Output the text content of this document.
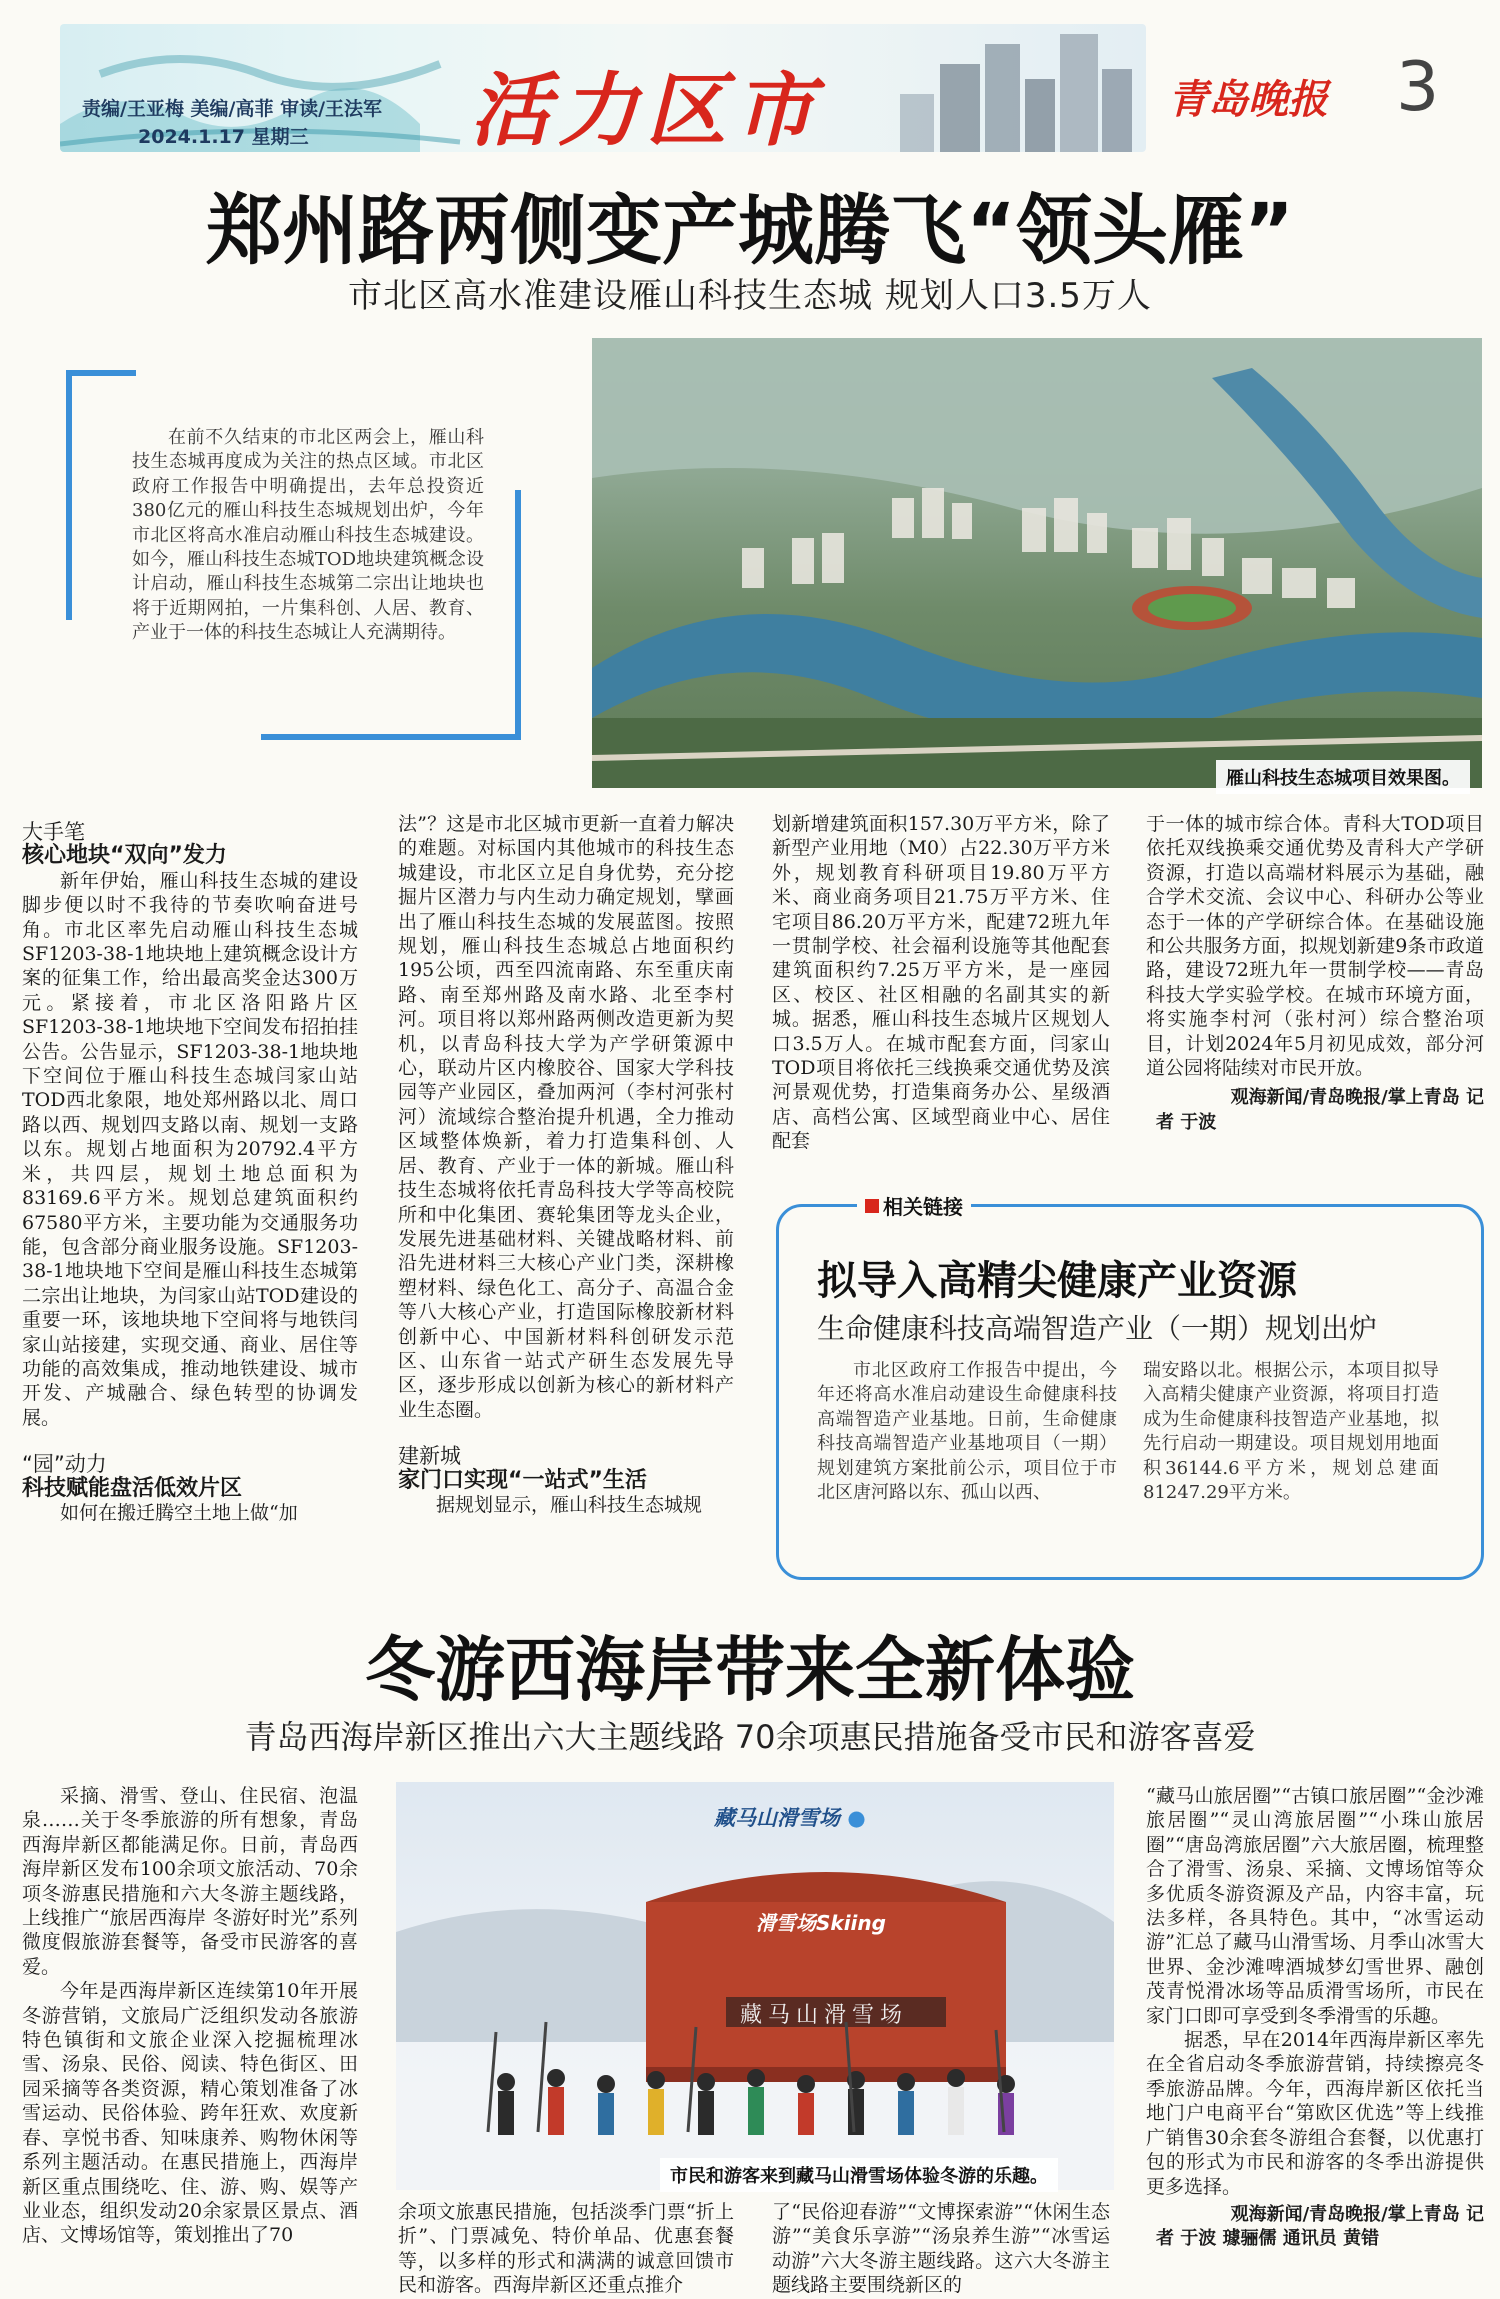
责编/王亚梅 美编/高菲 审读/王法军
2024.1.17 星期三 活力区市	青岛晚报 3
郑州路两侧变产城腾飞“领头雁”
市北区高水准建设雁山科技生态城 规划人口3.5万人
在前不久结束的市北区两会上，雁山科技生态城再度成为关注的热点区域。市北区政府工作报告中明确提出，去年总投资近380亿元的雁山科技生态城规划出炉，今年市北区将高水准启动雁山科技生态城建设。如今，雁山科技生态城TOD地块建筑概念设计启动，雁山科技生态城第二宗出让地块也将于近期网拍，一片集科创、人居、教育、产业于一体的科技生态城让人充满期待。
雁山科技生态城项目效果图。

大手笔

核心地块“双向”发力

新年伊始，雁山科技生态城的建设脚步便以时不我待的节奏吹响奋进号角。市北区率先启动雁山科技生态城SF1203-38-1地块地上建筑概念设计方案的征集工作，给出最高奖金达300万元。紧接着，市北区洛阳路片区SF1203-38-1地块地下空间发布招拍挂公告。公告显示，SF1203-38-1地块地下空间位于雁山科技生态城闫家山站TOD西北象限，地处郑州路以北、周口路以西、规划四支路以南、规划一支路以东。规划占地面积为20792.4平方米，共四层，规划土地总面积为83169.6平方米。规划总建筑面积约67580平方米，主要功能为交通服务功能，包含部分商业服务设施。SF1203-38-1地块地下空间是雁山科技生态城第二宗出让地块，为闫家山站TOD建设的重要一环，该地块地下空间将与地铁闫家山站接建，实现交通、商业、居住等功能的高效集成，推动地铁建设、城市开发、产城融合、绿色转型的协调发展。

“园”动力

科技赋能盘活低效片区

如何在搬迁腾空土地上做“加

法”？这是市北区城市更新一直着力解决的难题。对标国内其他城市的科技生态城建设，市北区立足自身优势，充分挖掘片区潜力与内生动力确定规划，擘画出了雁山科技生态城的发展蓝图。按照规划，雁山科技生态城总占地面积约195公顷，西至四流南路、东至重庆南路、南至郑州路及南水路、北至李村河。项目将以郑州路两侧改造更新为契机，以青岛科技大学为产学研策源中心，联动片区内橡胶谷、国家大学科技园等产业园区，叠加两河（李村河张村河）流域综合整治提升机遇，全力推动区域整体焕新，着力打造集科创、人居、教育、产业于一体的新城。雁山科技生态城将依托青岛科技大学等高校院所和中化集团、赛轮集团等龙头企业，发展先进基础材料、关键战略材料、前沿先进材料三大核心产业门类，深耕橡塑材料、绿色化工、高分子、高温合金等八大核心产业，打造国际橡胶新材料创新中心、中国新材料科创研发示范区、山东省一站式产研生态发展先导区，逐步形成以创新为核心的新材料产业生态圈。

建新城

家门口实现“一站式”生活

据规划显示，雁山科技生态城规

划新增建筑面积157.30万平方米，除了新型产业用地（M0）占22.30万平方米外，规划教育科研项目19.80万平方米、商业商务项目21.75万平方米、住宅项目86.20万平方米，配建72班九年一贯制学校、社会福利设施等其他配套建筑面积约7.25万平方米，是一座园区、校区、社区相融的名副其实的新城。据悉，雁山科技生态城片区规划人口3.5万人。在城市配套方面，闫家山TOD项目将依托三线换乘交通优势及滨河景观优势，打造集商务办公、星级酒店、高档公寓、区域型商业中心、居住配套

于一体的城市综合体。青科大TOD项目依托双线换乘交通优势及青科大产学研资源，打造以高端材料展示为基础，融合学术交流、会议中心、科研办公等业态于一体的产学研综合体。在基础设施和公共服务方面，拟规划新建9条市政道路，建设72班九年一贯制学校——青岛科技大学实验学校。在城市环境方面，将实施李村河（张村河）综合整治项目，计划2024年5月初见成效，部分河道公园将陆续对市民开放。

观海新闻/青岛晚报/掌上青岛 记

者 于波

相关链接
拟导入高精尖健康产业资源
生命健康科技高端智造产业（一期）规划出炉
市北区政府工作报告中提出，今年还将高水准启动建设生命健康科技高端智造产业基地。日前，生命健康科技高端智造产业基地项目（一期）规划建筑方案批前公示，项目位于市北区唐河路以东、孤山以西、
瑞安路以北。根据公示，本项目拟导入高精尖健康产业资源，将项目打造成为生命健康科技智造产业基地，拟先行启动一期建设。项目规划用地面积36144.6平方米，规划总建面81247.29平方米。
冬游西海岸带来全新体验
青岛西海岸新区推出六大主题线路 70余项惠民措施备受市民和游客喜爱

采摘、滑雪、登山、住民宿、泡温泉……关于冬季旅游的所有想象，青岛西海岸新区都能满足你。日前，青岛西海岸新区发布100余项文旅活动、70余项冬游惠民措施和六大冬游主题线路，上线推广“旅居西海岸 冬游好时光”系列微度假旅游套餐等，备受市民游客的喜爱。

今年是西海岸新区连续第10年开展冬游营销，文旅局广泛组织发动各旅游特色镇街和文旅企业深入挖掘梳理冰雪、汤泉、民俗、阅读、特色街区、田园采摘等各类资源，精心策划准备了冰雪运动、民俗体验、跨年狂欢、欢度新春、享悦书香、知味康养、购物休闲等系列主题活动。在惠民措施上，西海岸新区重点围绕吃、住、游、购、娱等产业业态，组织发动20余家景区景点、酒店、文博场馆等，策划推出了70

滑雪场Skiing
藏马山滑雪场
藏马山滑雪场 ●
市民和游客来到藏马山滑雪场体验冬游的乐趣。

余项文旅惠民措施，包括淡季门票“折上折”、门票减免、特价单品、优惠套餐等，以多样的形式和满满的诚意回馈市民和游客。西海岸新区还重点推介

了“民俗迎春游”“文博探索游”“休闲生态游”“美食乐享游”“汤泉养生游”“冰雪运动游”六大冬游主题线路。这六大冬游主题线路主要围绕新区的

“藏马山旅居圈”“古镇口旅居圈”“金沙滩旅居圈”“灵山湾旅居圈”“小珠山旅居圈”“唐岛湾旅居圈”六大旅居圈，梳理整合了滑雪、汤泉、采摘、文博场馆等众多优质冬游资源及产品，内容丰富，玩法多样，各具特色。其中，“冰雪运动游”汇总了藏马山滑雪场、月季山冰雪大世界、金沙滩啤酒城梦幻雪世界、融创茂青悦滑冰场等品质滑雪场所，市民在家门口即可享受到冬季滑雪的乐趣。

据悉，早在2014年西海岸新区率先在全省启动冬季旅游营销，持续擦亮冬季旅游品牌。今年，西海岸新区依托当地门户电商平台“第欧区优选”等上线推广销售30余套冬游组合套餐，以优惠打包的形式为市民和游客的冬季出游提供更多选择。

观海新闻/青岛晚报/掌上青岛 记

者 于波 璩骊儒 通讯员 黄错
